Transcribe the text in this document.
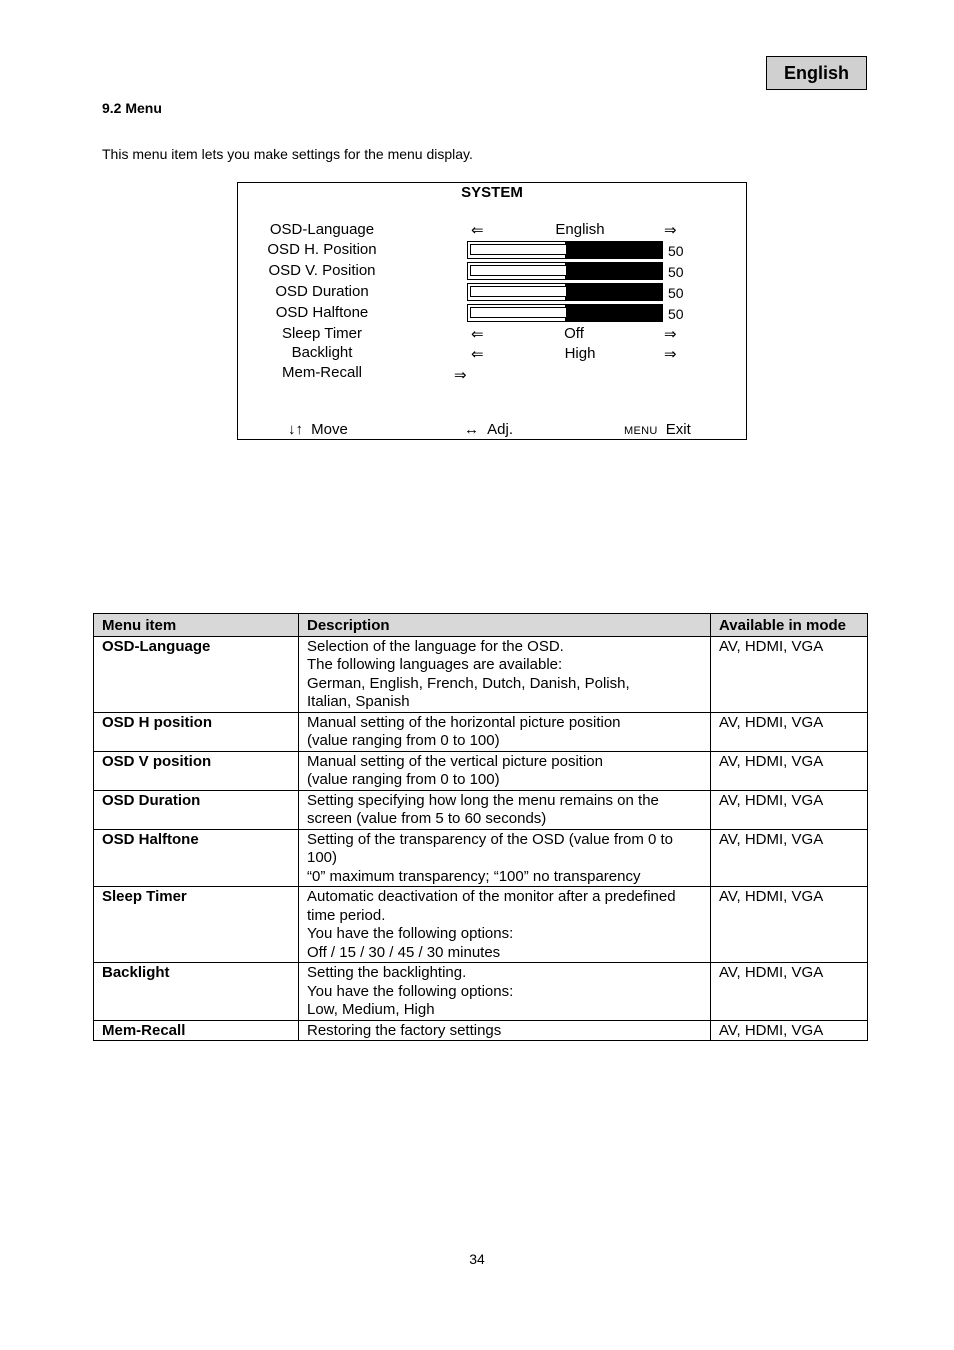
English
9.2 Menu
This menu item lets you make settings for the menu display.
SYSTEM
OSD-Language	⇐	English	⇒
OSD H. Position	50
OSD V. Position	50
OSD Duration	50
OSD Halftone	50
Sleep Timer	⇐	Off	⇒
Backlight	⇐	High	⇒
Mem-Recall	⇒
↓↑ Move	↔ Adj.	MENU Exit
Menu item	Description	Available in mode
OSD-Language	Selection of the language for the OSD.
The following languages are available:
German, English, French, Dutch, Danish, Polish,
Italian, Spanish	AV, HDMI, VGA
OSD H position	Manual setting of the horizontal picture position
(value ranging from 0 to 100)	AV, HDMI, VGA
OSD V position	Manual setting of the vertical picture position
(value ranging from 0 to 100)	AV, HDMI, VGA
OSD Duration	Setting specifying how long the menu remains on the
screen (value from 5 to 60 seconds)	AV, HDMI, VGA
OSD Halftone	Setting of the transparency of the OSD (value from 0 to
100)
“0” maximum transparency; “100” no transparency	AV, HDMI, VGA
Sleep Timer	Automatic deactivation of the monitor after a predefined
time period.
You have the following options:
Off / 15 / 30 / 45 / 30 minutes	AV, HDMI, VGA
Backlight	Setting the backlighting.
You have the following options:
Low, Medium, High	AV, HDMI, VGA
Mem-Recall	Restoring the factory settings	AV, HDMI, VGA
34
